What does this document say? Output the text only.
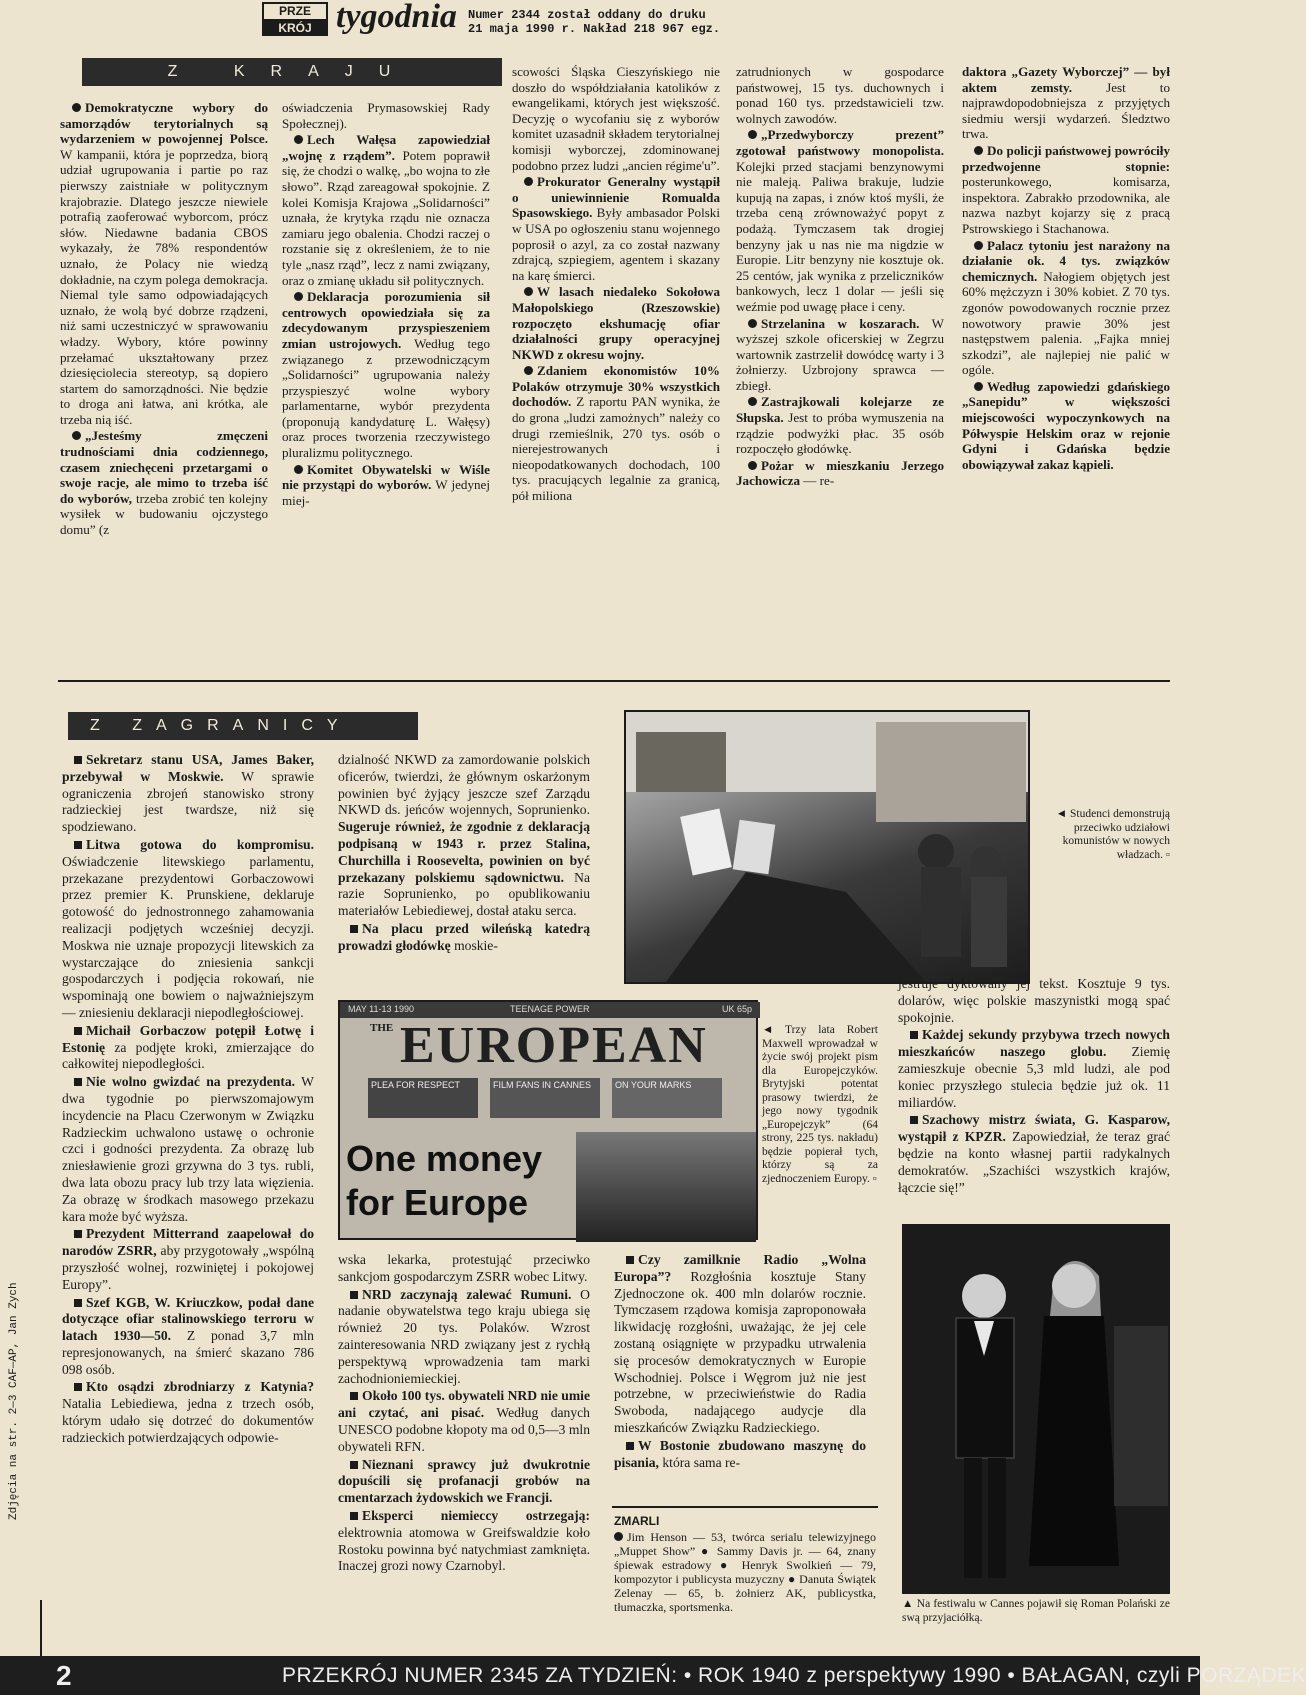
PRZE
KRÓJ tygodnia Numer 2344 został oddany do druku
21 maja 1990 r. Nakład 218 967 egz.
Z KRAJU

Demokratyczne wybory do samorządów terytorialnych są wydarzeniem w powojennej Polsce. W kampanii, która je poprzedza, biorą udział ugrupowania i partie po raz pierwszy zaistniałe w politycznym krajobrazie. Dlatego jeszcze niewiele potrafią zaoferować wyborcom, prócz słów. Niedawne badania CBOS wykazały, że 78% respondentów uznało, że Polacy nie wiedzą dokładnie, na czym polega demokracja. Niemal tyle samo odpowiadających uznało, że wolą być dobrze rządzeni, niż sami uczestniczyć w sprawowaniu władzy. Wybory, które powinny przełamać ukształtowany przez dziesięciolecia stereotyp, są dopiero startem do samorządności. Nie będzie to droga ani łatwa, ani krótka, ale trzeba nią iść.

„Jesteśmy zmęczeni trudnościami dnia codziennego, czasem zniechęceni przetargami o swoje racje, ale mimo to trzeba iść do wyborów, trzeba zrobić ten kolejny wysiłek w budowaniu ojczystego domu” (z

oświadczenia Prymasowskiej Rady Społecznej).

Lech Wałęsa zapowiedział „wojnę z rządem”. Potem poprawił się, że chodzi o walkę, „bo wojna to złe słowo”. Rząd zareagował spokojnie. Z kolei Komisja Krajowa „Solidarności” uznała, że krytyka rządu nie oznacza zamiaru jego obalenia. Chodzi raczej o rozstanie się z określeniem, że to nie tyle „nasz rząd”, lecz z nami związany, oraz o zmianę układu sił politycznych.

Deklaracja porozumienia sił centrowych opowiedziała się za zdecydowanym przyspieszeniem zmian ustrojowych. Według tego związanego z przewodniczącym „Solidarności” ugrupowania należy przyspieszyć wolne wybory parlamentarne, wybór prezydenta (proponują kandydaturę L. Wałęsy) oraz proces tworzenia rzeczywistego pluralizmu politycznego.

Komitet Obywatelski w Wiśle nie przystąpi do wyborów. W jedynej miej-

scowości Śląska Cieszyńskiego nie doszło do współdziałania katolików z ewangelikami, których jest większość. Decyzję o wycofaniu się z wyborów komitet uzasadnił składem terytorialnej komisji wyborczej, zdominowanej podobno przez ludzi „ancien régime'u”.

Prokurator Generalny wystąpił o uniewinnienie Romualda Spasowskiego. Były ambasador Polski w USA po ogłoszeniu stanu wojennego poprosił o azyl, za co został nazwany zdrajcą, szpiegiem, agentem i skazany na karę śmierci.

W lasach niedaleko Sokołowa Małopolskiego (Rzeszowskie) rozpoczęto ekshumację ofiar działalności grupy operacyjnej NKWD z okresu wojny.

Zdaniem ekonomistów 10% Polaków otrzymuje 30% wszystkich dochodów. Z raportu PAN wynika, że do grona „ludzi zamożnych” należy co drugi rzemieślnik, 270 tys. osób o nierejestrowanych i nieopodatkowanych dochodach, 100 tys. pracujących legalnie za granicą, pół miliona

zatrudnionych w gospodarce państwowej, 15 tys. duchownych i ponad 160 tys. przedstawicieli tzw. wolnych zawodów.

„Przedwyborczy prezent” zgotował państwowy monopolista. Kolejki przed stacjami benzynowymi nie maleją. Paliwa brakuje, ludzie kupują na zapas, i znów ktoś myśli, że trzeba ceną zrównoważyć popyt z podażą. Tymczasem tak drogiej benzyny jak u nas nie ma nigdzie w Europie. Litr benzyny nie kosztuje ok. 25 centów, jak wynika z przeliczników bankowych, lecz 1 dolar — jeśli się weźmie pod uwagę płace i ceny.

Strzelanina w koszarach. W wyższej szkole oficerskiej w Zegrzu wartownik zastrzelił dowódcę warty i 3 żołnierzy. Uzbrojony sprawca — zbiegł.

Zastrajkowali kolejarze ze Słupska. Jest to próba wymuszenia na rządzie podwyżki płac. 35 osób rozpoczęło głodówkę.

Pożar w mieszkaniu Jerzego Jachowicza — re-

daktora „Gazety Wyborczej” — był aktem zemsty.	Jest to najprawdopodobniejsza z przyjętych siedmiu wersji wydarzeń. Śledztwo trwa.

Do policji państwowej powróciły przedwojenne stopnie: posterunkowego, komisarza, inspektora. Zabrakło przodownika, ale nazwa nazbyt kojarzy się z pracą Pstrowskiego i Stachanowa.

Palacz tytoniu jest narażony na działanie ok. 4 tys. związków chemicznych. Nałogiem objętych jest 60% mężczyzn i 30% kobiet. Z 70 tys. zgonów powodowanych rocznie przez nowotwory prawie 30% jest następstwem palenia. „Fajka mniej szkodzi”, ale najlepiej nie palić w ogóle.

Według zapowiedzi gdańskiego „Sanepidu” w większości miejscowości wypoczynkowych na Półwyspie Helskim oraz w rejonie Gdyni i Gdańska będzie obowiązywał zakaz kąpieli.

Z ZAGRANICY

Sekretarz stanu USA, James Baker, przebywał w Moskwie. W sprawie ograniczenia zbrojeń stanowisko strony radzieckiej jest twardsze, niż się spodziewano.

Litwa gotowa do kompromisu. Oświadczenie litewskiego parlamentu, przekazane prezydentowi Gorbaczowowi przez premier K. Prunskiene, deklaruje gotowość do jednostronnego zahamowania realizacji podjętych wcześniej decyzji. Moskwa nie uznaje propozycji litewskich za wystarczające do zniesienia sankcji gospodarczych i podjęcia rokowań, nie wspominają one bowiem o najważniejszym — zniesieniu deklaracji niepodległościowej.

Michaił Gorbaczow potępił Łotwę i Estonię za podjęte kroki, zmierzające do całkowitej niepodległości.

Nie wolno gwizdać na prezydenta. W dwa tygodnie po pierwszomajowym incydencie na Placu Czerwonym w Związku Radzieckim uchwalono ustawę o ochronie czci i godności prezydenta. Za obrazę lub zniesławienie grozi grzywna do 3 tys. rubli, dwa lata obozu pracy lub trzy lata więzienia. Za obrazę w środkach masowego przekazu kara może być wyższa.

Prezydent Mitterrand zaapelował do narodów ZSRR, aby przygotowały „wspólną przyszłość wolnej, rozwiniętej i pokojowej Europy”.

Szef KGB, W. Kriuczkow, podał dane dotyczące ofiar stalinowskiego terroru w latach 1930—50. Z ponad 3,7 mln represjonowanych, na śmierć skazano 786 098 osób.

Kto osądzi zbrodniarzy z Katynia? Natalia Lebiediewa, jedna z trzech osób, którym udało się dotrzeć do dokumentów radzieckich potwierdzających odpowie-

dzialność NKWD za zamordowanie polskich oficerów, twierdzi, że głównym oskarżonym powinien być żyjący jeszcze szef Zarządu NKWD ds. jeńców wojennych, Soprunienko. Sugeruje również, że zgodnie z deklaracją podpisaną w 1943 r. przez Stalina, Churchilla i Roosevelta, powinien on być przekazany polskiemu sądownictwu. Na razie Soprunienko, po opublikowaniu materiałów Lebiediewej, dostał ataku serca.

Na placu przed wileńską katedrą prowadzi głodówkę moskie-

◄ Studenci demonstrują przeciwko udziałowi komunistów w nowych władzach. ▫
MAY 11-13 1990	TEENAGE POWER	UK 65p
THE EUROPEAN
PLEA FOR RESPECT	FILM FANS IN CANNES	ON YOUR MARKS
One money
for Europe
◄ Trzy lata Robert Maxwell wprowadzał w życie swój projekt pism dla Europejczyków. Brytyjski potentat prasowy twierdzi, że jego nowy tygodnik „Europejczyk” (64 strony, 225 tys. nakładu) będzie popierał tych, którzy są za zjednoczeniem Europy. ▫

wska lekarka, protestująć przeciwko sankcjom gospodarczym ZSRR wobec Litwy.

NRD zaczynają zalewać Rumuni. O nadanie obywatelstwa tego kraju ubiega się również 20 tys. Polaków. Wzrost zainteresowania NRD związany jest z rychłą perspektywą wprowadzenia tam marki zachodnioniemieckiej.

Około 100 tys. obywateli NRD nie umie ani czytać, ani pisać. Według danych UNESCO podobne kłopoty ma od 0,5—3 mln obywateli RFN.

Nieznani sprawcy już dwukrotnie dopuścili się profanacji grobów na cmentarzach żydowskich we Francji.

Eksperci niemieccy ostrzegają: elektrownia atomowa w Greifswaldzie koło Rostoku powinna być natychmiast zamknięta. Inaczej grozi nowy Czarnobyl.

Czy zamilknie Radio „Wolna Europa”? Rozgłośnia kosztuje Stany Zjednoczone ok. 400 mln dolarów rocznie. Tymczasem rządowa komisja zaproponowała likwidację rozgłośni, uważając, że jej cele zostaną osiągnięte w przypadku utrwalenia się procesów demokratycznych w Europie Wschodniej. Polsce i Węgrom już nie jest potrzebne, w przeciwieństwie do Radia Swoboda, nadającego audycje dla mieszkańców Związku Radzieckiego.

W Bostonie zbudowano maszynę do pisania, która sama re-

ZMARLI
Jim Henson — 53, twórca serialu telewizyjnego „Muppet Show” ● Sammy Davis jr. — 64, znany śpiewak estradowy ● Henryk Swolkień — 79, kompozytor i publicysta muzyczny ● Danuta Świątek Zelenay — 65, b. żołnierz AK, publicystka, tłumaczka, sportsmenka.

jestruje dyktowany jej tekst. Kosztuje 9 tys. dolarów, więc polskie maszynistki mogą spać spokojnie.

Każdej sekundy przybywa trzech nowych mieszkańców naszego globu. Ziemię zamieszkuje obecnie 5,3 mld ludzi, ale pod koniec przyszłego stulecia będzie już ok. 11 miliardów.

Szachowy mistrz świata, G. Kasparow, wystąpił z KPZR. Zapowiedział, że teraz grać będzie na konto własnej partii radykalnych demokratów. „Szachiści wszystkich krajów, łączcie się!”

▲ Na festiwalu w Cannes pojawił się Roman Polański ze swą przyjaciółką.
Zdjęcia na str. 2—3 CAF—AP, Jan Zych
2	PRZEKRÓJ NUMER 2345 ZA TYDZIEŃ: • ROK 1940 z perspektywy 1990 • BAŁAGAN, czyli PORZĄDEK
